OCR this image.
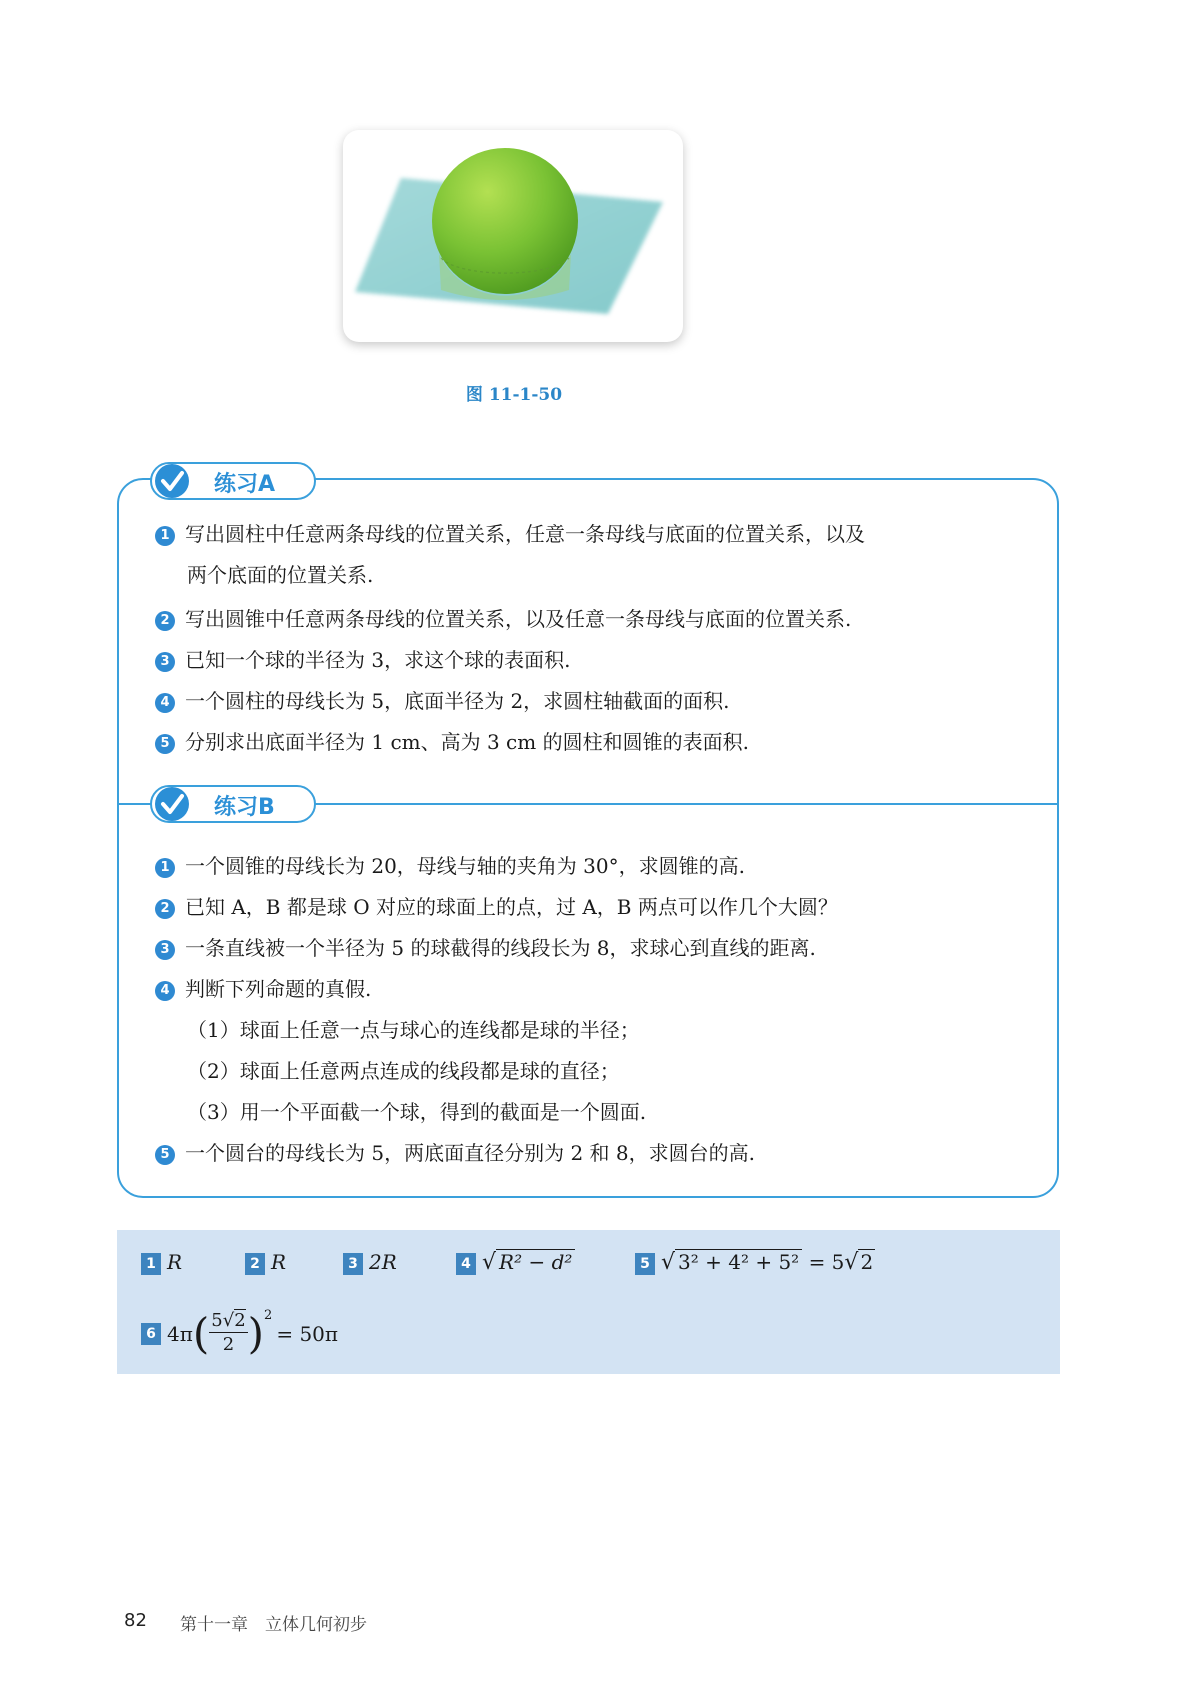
图 11-1-50
练习A
练习B
1 写出圆柱中任意两条母线的位置关系，任意一条母线与底面的位置关系，以及
两个底面的位置关系.
2 写出圆锥中任意两条母线的位置关系，以及任意一条母线与底面的位置关系.
3 已知一个球的半径为 3，求这个球的表面积.
4 一个圆柱的母线长为 5，底面半径为 2，求圆柱轴截面的面积.
5 分别求出底面半径为 1 cm、高为 3 cm 的圆柱和圆锥的表面积.
1 一个圆锥的母线长为 20，母线与轴的夹角为 30°，求圆锥的高.
2 已知 A，B 都是球 O 对应的球面上的点，过 A，B 两点可以作几个大圆？
3 一条直线被一个半径为 5 的球截得的线段长为 8，求球心到直线的距离.
4 判断下列命题的真假.
（1）球面上任意一点与球心的连线都是球的半径；
（2）球面上任意两点连成的线段都是球的直径；
（3）用一个平面截一个球，得到的截面是一个圆面.
5 一个圆台的母线长为 5，两底面直径分别为 2 和 8，求圆台的高.
1 R	2 R	3 2R	4 √ R² − d²	5 √ 3² + 4² + 5² = 5√ 2
6 $4\pi( \frac{5√2}{2} )2= 50\pi$
82 第十一章　立体几何初步
